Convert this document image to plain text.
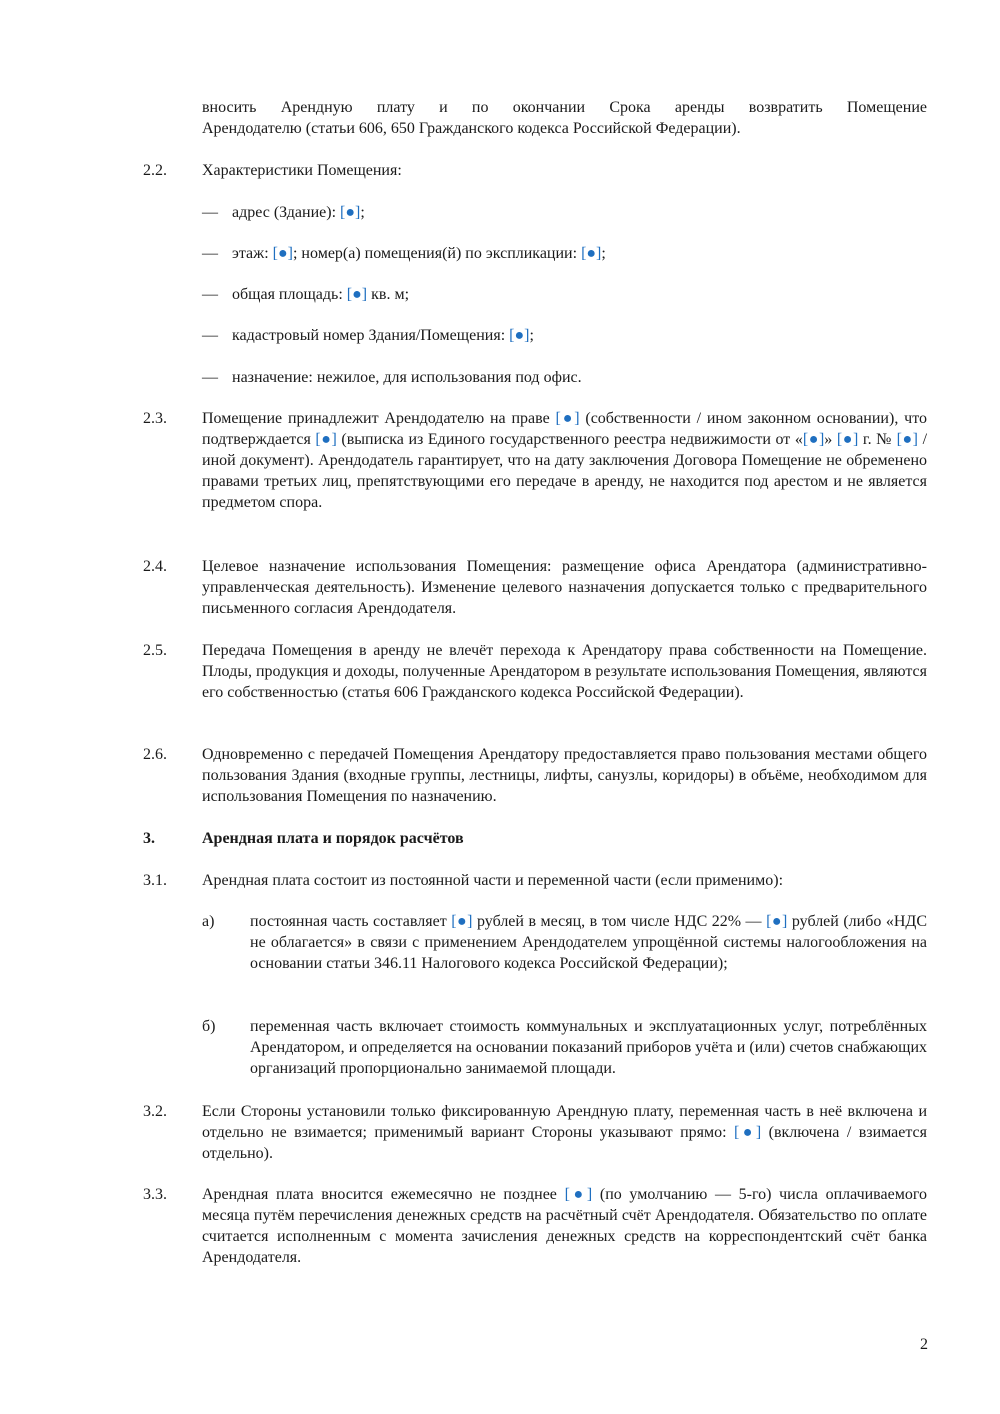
вносить Арендную плату и по окончании Срока аренды возвратить Помещение
Арендодателю (статьи 606, 650 Гражданского кодекса Российской Федерации).
2.2. Характеристики Помещения:
— адрес (Здание): [●];
— этаж: [●]; номер(а) помещения(й) по экспликации: [●];
— общая площадь: [●] кв. м;
— кадастровый номер Здания/Помещения: [●];
— назначение: нежилое, для использования под офис.
2.3. Помещение принадлежит Арендодателю на праве [●] (собственности / ином законном основании), что подтверждается [●] (выписка из Единого государственного реестра недвижимости от «[●]» [●] г. № [●] / иной документ). Арендодатель гарантирует, что на дату заключения Договора Помещение не обременено правами третьих лиц, препятствующими его передаче в аренду, не находится под арестом и не является предметом спора.
2.4. Целевое назначение использования Помещения: размещение офиса Арендатора (административно-управленческая деятельность). Изменение целевого назначения допускается только с предварительного письменного согласия Арендодателя.
2.5. Передача Помещения в аренду не влечёт перехода к Арендатору права собственности на Помещение. Плоды, продукция и доходы, полученные Арендатором в результате использования Помещения, являются его собственностью (статья 606 Гражданского кодекса Российской Федерации).
2.6. Одновременно с передачей Помещения Арендатору предоставляется право пользования местами общего пользования Здания (входные группы, лестницы, лифты, санузлы, коридоры) в объёме, необходимом для использования Помещения по назначению.
3.	Арендная плата и порядок расчётов
3.1. Арендная плата состоит из постоянной части и переменной части (если применимо):
а) постоянная часть составляет [●] рублей в месяц, в том числе НДС 22% — [●] рублей (либо «НДС не облагается» в связи с применением Арендодателем упрощённой системы налогообложения на основании статьи 346.11 Налогового кодекса Российской Федерации);
б) переменная часть включает стоимость коммунальных и эксплуатационных услуг, потреблённых Арендатором, и определяется на основании показаний приборов учёта и (или) счетов снабжающих организаций пропорционально занимаемой площади.
3.2. Если Стороны установили только фиксированную Арендную плату, переменная часть в неё включена и отдельно не взимается; применимый вариант Стороны указывают прямо: [●] (включена / взимается отдельно).
3.3. Арендная плата вносится ежемесячно не позднее [●] (по умолчанию — 5-го) числа оплачиваемого месяца путём перечисления денежных средств на расчётный счёт Арендодателя. Обязательство по оплате считается исполненным с момента зачисления денежных средств на корреспондентский счёт банка Арендодателя.
2
